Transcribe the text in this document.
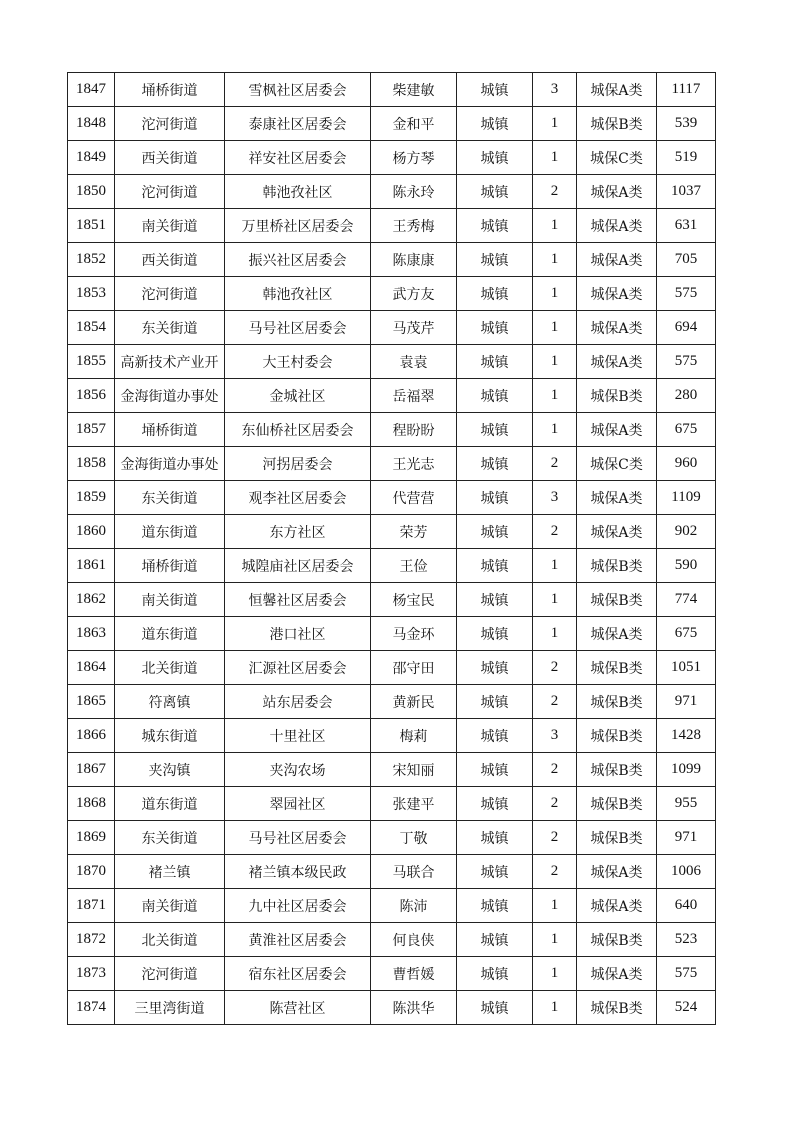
1847	埇桥街道	雪枫社区居委会	柴建敏	城镇	3	城保A类	1117
1848	沱河街道	泰康社区居委会	金和平	城镇	1	城保B类	539
1849	西关街道	祥安社区居委会	杨方琴	城镇	1	城保C类	519
1850	沱河街道	韩池孜社区	陈永玲	城镇	2	城保A类	1037
1851	南关街道	万里桥社区居委会	王秀梅	城镇	1	城保A类	631
1852	西关街道	振兴社区居委会	陈康康	城镇	1	城保A类	705
1853	沱河街道	韩池孜社区	武方友	城镇	1	城保A类	575
1854	东关街道	马号社区居委会	马茂芹	城镇	1	城保A类	694
1855	高新技术产业开	大王村委会	袁袁	城镇	1	城保A类	575
1856	金海街道办事处	金城社区	岳福翠	城镇	1	城保B类	280
1857	埇桥街道	东仙桥社区居委会	程盼盼	城镇	1	城保A类	675
1858	金海街道办事处	河拐居委会	王光志	城镇	2	城保C类	960
1859	东关街道	观李社区居委会	代营营	城镇	3	城保A类	1109
1860	道东街道	东方社区	荣芳	城镇	2	城保A类	902
1861	埇桥街道	城隍庙社区居委会	王俭	城镇	1	城保B类	590
1862	南关街道	恒馨社区居委会	杨宝民	城镇	1	城保B类	774
1863	道东街道	港口社区	马金环	城镇	1	城保A类	675
1864	北关街道	汇源社区居委会	邵守田	城镇	2	城保B类	1051
1865	符离镇	站东居委会	黄新民	城镇	2	城保B类	971
1866	城东街道	十里社区	梅莉	城镇	3	城保B类	1428
1867	夹沟镇	夹沟农场	宋知丽	城镇	2	城保B类	1099
1868	道东街道	翠园社区	张建平	城镇	2	城保B类	955
1869	东关街道	马号社区居委会	丁敬	城镇	2	城保B类	971
1870	褚兰镇	褚兰镇本级民政	马联合	城镇	2	城保A类	1006
1871	南关街道	九中社区居委会	陈沛	城镇	1	城保A类	640
1872	北关街道	黄淮社区居委会	何良侠	城镇	1	城保B类	523
1873	沱河街道	宿东社区居委会	曹哲媛	城镇	1	城保A类	575
1874	三里湾街道	陈营社区	陈洪华	城镇	1	城保B类	524
